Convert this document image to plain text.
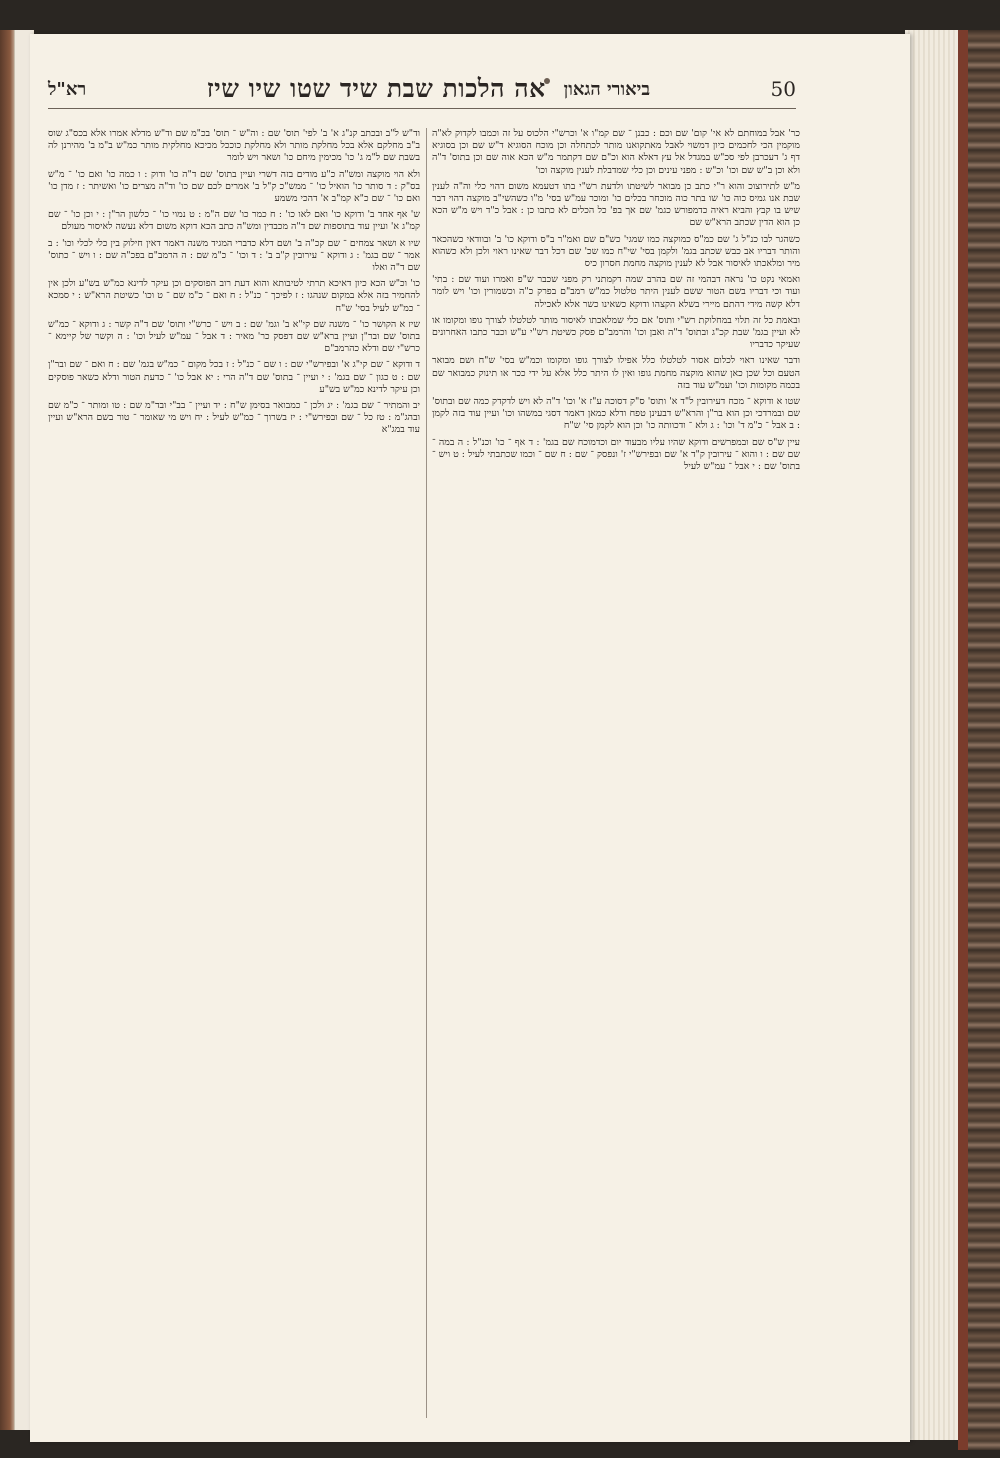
50
ביאורי הגאון
אה הלכות שבת שיד שטו שיו שיז
רא"ל

כר' אבל במוחתם לא אי' קום' שם וכם : כבנן ־ שם קמ"ו א' וכרש"י הלכוס על זה וכמבו לקדוק לא"ה מוקמין הכי לחכמים כיון דמשוי לאבל מאתקואנו מותר לכתחלה וכן מוכח הסוגיא ד"ש שם וכן בסוגיא דף ג' דעכרבן לפי סכ"ש במגדל אל עץ דאלא הוא וכ"ם שם דקתמר מ"ש הכא אוה שם וכן בתוס' ד"ה ולא וכן ב"ש שם וכו' וכ"ש : מפני עינים וכן כלי שמדבלת לענין מוקצה וכו'

מ"ש לתירוצוכ והוא ר"י כתב כן מבואר לשיטתו ולדעת רש"י בתו דטעמא משום דהוי כלי וה"ה לענין שבת אנו גמיס כוה כו' שו בתר כוה מוכחר בכלים כו' ומוכר עמ"ש בסי' מ"ו כשהשי"ב מוקצה דהוי דבר שיש בו קבץ והביא ראיה כדמפורש כגמ' שם אך בפ' כל הכלים לא כתבו כן : אבל כ"ד ויש מ"ש הכא כן הוא הדין שכתב הרא"ש שם

כשהגר לבו כנ"ל ג' שם כמ"ס כמוקצה כמו שמגי' כש"ם שם ואמ"ר ב"ס ודוקא כו' ב' ובוודאי כשהכאר והותר דבריו אב כבש שכתב בגמ' ולקמן בסי' שי"ח כמו שכ' שם דכל דבר שאינו ראוי ולכן ולא כשהוא מיר ומלאכתו לאיסור אבל לא לענין מוקצה מחמת חסרון כיס

ואמאי נקט כו' נראה דבהמי זה שם בהרב שמה דקמתני רק מפני שכבר ש"פ ואמרו ועוד שם : בתי' ועוד וכי דבריו בשם הטור ששם לענין היתר טלטול כמ"ש רמב"ם בפרק כ"ה וכשמורין וכו' ויש לומר דלא קשה מידי דהתם מיירי בשלא הקצהו ודוקא כשאינו כשר אלא לאכילה

ובאמת כל זה תלוי במחלוקת רש"י ותוס' אם כלי שמלאכתו לאיסור מותר לטלטלו לצורך גופו ומקומו או לא ועיין בגמ' שבת קכ"ג ובתוס' ד"ה ואבן וכו' והרמב"ם פסק כשיטת רש"י ע"ש וכבר כתבו האחרונים שעיקר כדבריו

ודבר שאינו ראוי לכלום אסור לטלטלו כלל אפילו לצורך גופו ומקומו וכמ"ש בסי' ש"ח ושם מבואר הטעם וכל שכן כאן שהוא מוקצה מחמת גופו ואין לו היתר כלל אלא על ידי ככר או תינוק כמבואר שם בכמה מקומות וכו' ועמ"ש עוד בזה

שטו א ודוקא ־ מכח דעירובין ל"ד א' ותוס' ס"ק דסוכה ע"ז א' וכו' ד"ה לא ויש לדקדק כמה שם ובתוס' שם ובמרדכי וכן הוא בר"ן והרא"ש דבעינן טפח ודלא כמאן דאמר דסגי במשהו וכו' ועיין עוד בזה לקמן : ב אבל ־ כ"מ ד' וכו' : ג ולא ־ ודכוותה כו' וכן הוא לקמן סי' ש"ח

עיין ש"ס שם ובמפרשים ודוקא שהיו עליו מבעוד יום וכדמוכח שם בגמ' : ד אף ־ כו' וכנ"ל : ה במה ־ שם שם : ו והוא ־ עירובין ק"ד א' שם ובפירש"י ז' ונפסק ־ שם : ח שם ־ וכמו שכתבתי לעיל : ט ויש ־ בתוס' שם : י אבל ־ עמ"ש לעיל

וד"ש ל"ב ובכתב קנ"ג א' ב' לפי' תוס' שם : וה"ש ־ תוס' בכ"מ שם וד"ש מדלא אמרו אלא בכס"ג שוס ב"ב מחלקם אלא בכל מחלקת מותר ולא מחלקת כוככל מכיכא מחלקית מותר כמ"ש ב"מ ב' מהירנן לה בשבת שם ל"מ ג' כו' מכימין מיחם כו' ושאר ויש לומר

ולא הוי מוקצה ומש"ה כ"ע מודים בזה דשרי ועיין בתוס' שם ד"ה כו' ודוק : ו כמה כו' ואם כו' ־ מ"ש בס"ק : ד סותר כו' הואיל כו' ־ ממש"כ ק"ל ב' אמרים לכם שם כו' וד"ה מצרים כו' ואשיתר : ז מדן כו' ואם כו' ־ שם כ"א קמ"ב א' דהכי משמע

ש' אף אחד ב' ודוקא כו' ואם לאו כו' : ח כמר כו' שם ה"מ : ט נמוי כו' ־ כלשון הר"ן : י וכן כו' ־ שם קמ"ג א' ועיין עוד בתוספות שם ד"ה מכבדין ומש"ה כתב הכא דוקא משום דלא נעשה לאיסור מעולם

שיו א ושאר צמחים ־ שם קכ"ה ב' ושם דלא כדברי המגיד משנה דאמר דאין חילוק בין כלי לכלי וכו' : ב אמר ־ שם בגמ' : ג ודוקא ־ עירובין ק"ב ב' : ד וכו' ־ כ"מ שם : ה הרמב"ם בפכ"ה שם : ו ויש ־ כתוס' שם ד"ה ואלו

כו' וכ"ש הכא כיון דאיכא תרתי לטיבותא והוא דעת רוב הפוסקים וכן עיקר לדינא כמ"ש בש"ע ולכן אין להחמיר בזה אלא במקום שנהגו : ז לפיכך ־ כנ"ל : ח ואם ־ כ"מ שם ־ ט וכו' כשיטת הרא"ש : י סמכא ־ כמ"ש לעיל בסי' ש"ח

שיז א הקושר כו' ־ משנה שם קי"א ב' וגמ' שם : ב ויש ־ כרש"י ותוס' שם ד"ה קשר : ג ודוקא ־ כמ"ש בתוס' שם ובר"ן ועיין ברא"ש שם דפסק כר' מאיר : ד אבל ־ עמ"ש לעיל וכו' : ה וקשר של קיימא ־ כרש"י שם ודלא כהרמב"ם

ד ודוקא ־ שם קי"ג א' ובפירש"י שם : ו שם ־ כנ"ל : ז בכל מקום ־ כמ"ש בגמ' שם : ח ואם ־ שם ובר"ן שם : ט כגון ־ שם בגמ' : י ועיין ־ בתוס' שם ד"ה הרי : יא אבל כו' ־ כדעת הטור ודלא כשאר פוסקים וכן עיקר לדינא כמ"ש בש"ע

יב והמתיר ־ שם בגמ' : יג ולכן ־ כמבואר בסימן ש"ח : יד ועיין ־ בב"י ובד"מ שם : טו ומותר ־ כ"מ שם ובהג"מ : טז כל ־ שם ובפירש"י : יז בשרוך ־ כמ"ש לעיל : יח ויש מי שאומר ־ טור בשם הרא"ש ועיין עוד במג"א
